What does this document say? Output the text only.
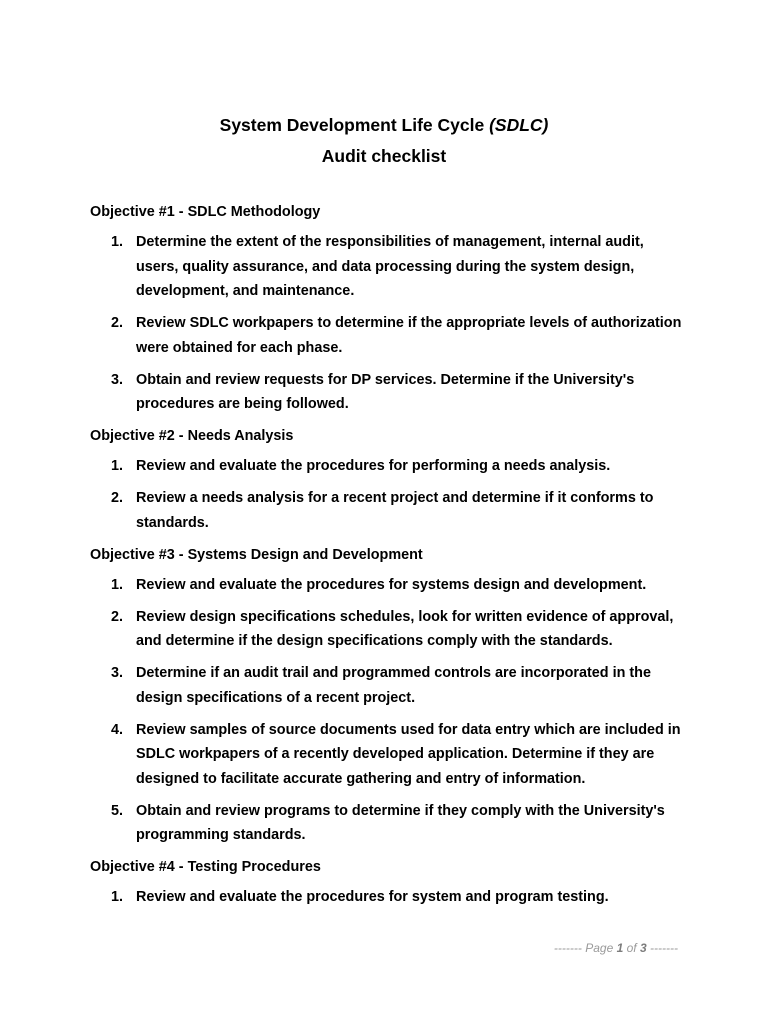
System Development Life Cycle (SDLC)

Audit checklist

Objective #1 - SDLC Methodology

1. Determine the extent of the responsibilities of management, internal audit, users, quality assurance, and data processing during the system design, development, and maintenance.
2. Review SDLC workpapers to determine if the appropriate levels of authorization were obtained for each phase.
3. Obtain and review requests for DP services. Determine if the University's procedures are being followed.

Objective #2 - Needs Analysis

1. Review and evaluate the procedures for performing a needs analysis.
2. Review a needs analysis for a recent project and determine if it conforms to standards.

Objective #3 - Systems Design and Development

1. Review and evaluate the procedures for systems design and development.
2. Review design specifications schedules, look for written evidence of approval, and determine if the design specifications comply with the standards.
3. Determine if an audit trail and programmed controls are incorporated in the design specifications of a recent project.
4. Review samples of source documents used for data entry which are included in SDLC workpapers of a recently developed application. Determine if they are designed to facilitate accurate gathering and entry of information.
5. Obtain and review programs to determine if they comply with the University's programming standards.

Objective #4 - Testing Procedures

1. Review and evaluate the procedures for system and program testing.
------- Page 1 of 3 -------
